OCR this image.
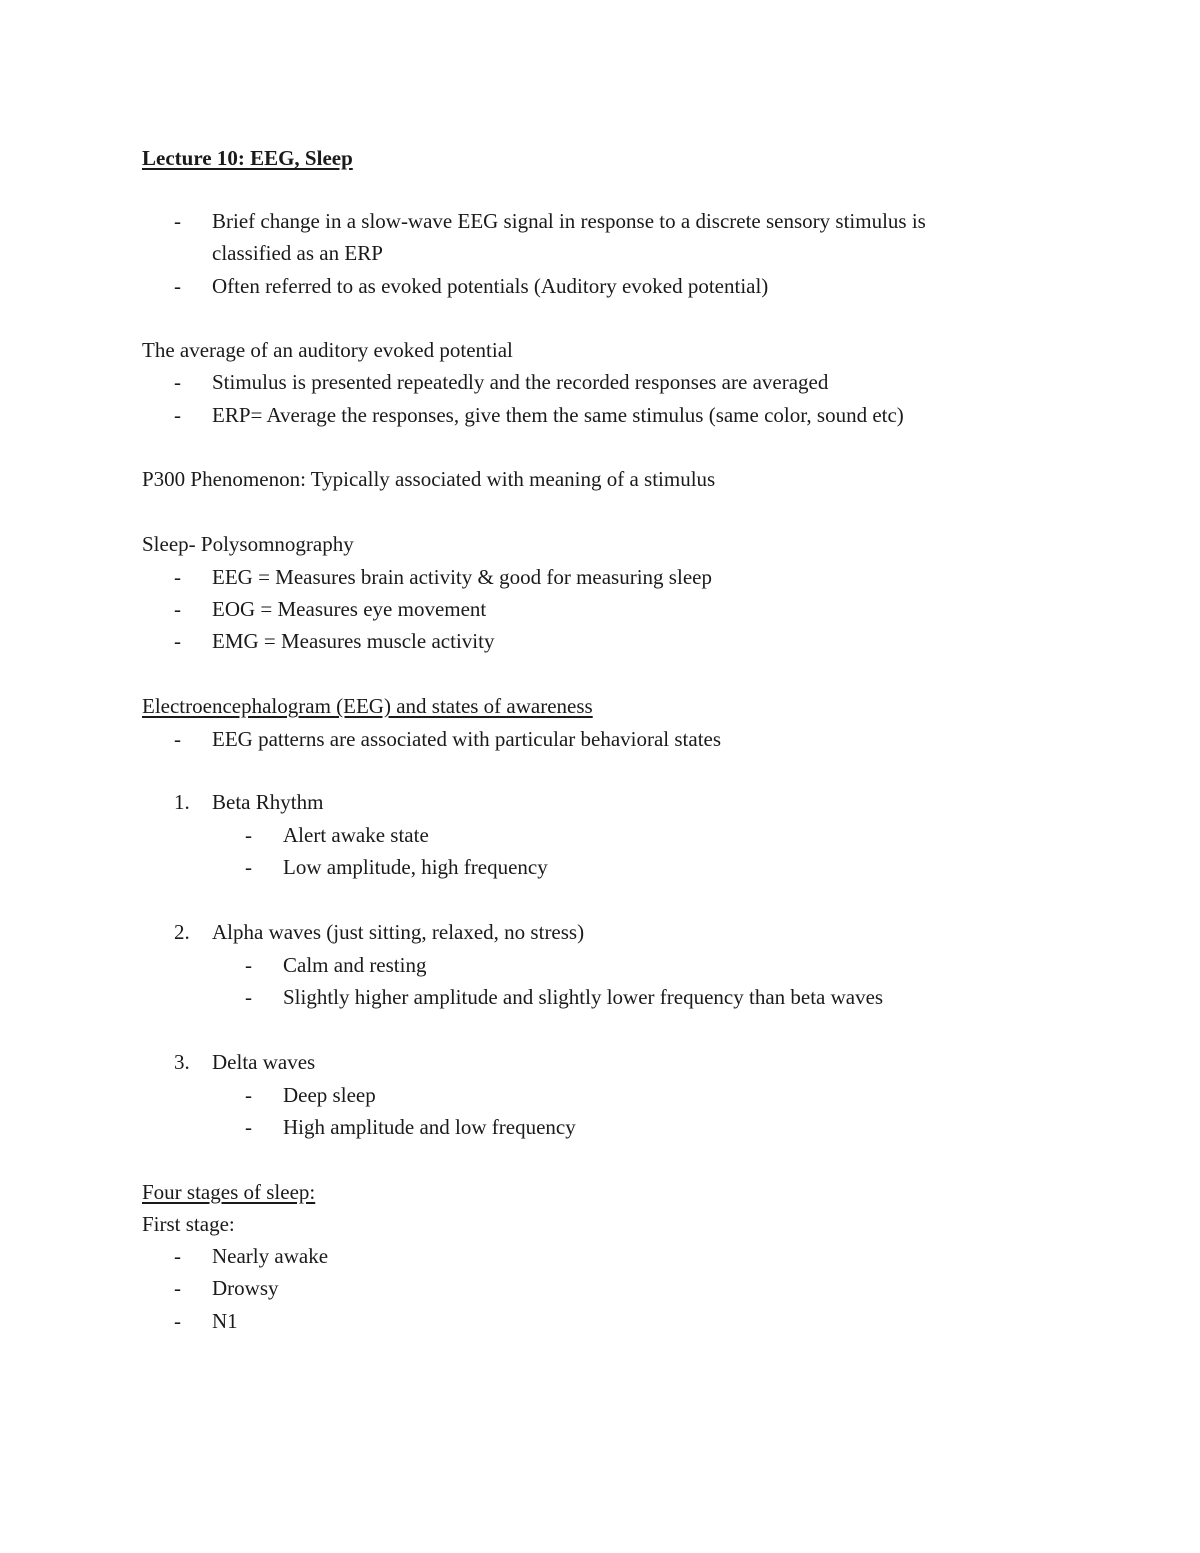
Lecture 10: EEG, Sleep
-	Brief change in a slow-wave EEG signal in response to a discrete sensory stimulus is
classified as an ERP
-	Often referred to as evoked potentials (Auditory evoked potential)
The average of an auditory evoked potential
-	Stimulus is presented repeatedly and the recorded responses are averaged
-	ERP= Average the responses, give them the same stimulus (same color, sound etc)
P300 Phenomenon: Typically associated with meaning of a stimulus
Sleep- Polysomnography
-	EEG = Measures brain activity & good for measuring sleep
-	EOG = Measures eye movement
-	EMG = Measures muscle activity
Electroencephalogram (EEG) and states of awareness
-	EEG patterns are associated with particular behavioral states
1.	Beta Rhythm
-	Alert awake state
-	Low amplitude, high frequency
2.	Alpha waves (just sitting, relaxed, no stress)
-	Calm and resting
-	Slightly higher amplitude and slightly lower frequency than beta waves
3.	Delta waves
-	Deep sleep
-	High amplitude and low frequency
Four stages of sleep:
First stage:
-	Nearly awake
-	Drowsy
-	N1
